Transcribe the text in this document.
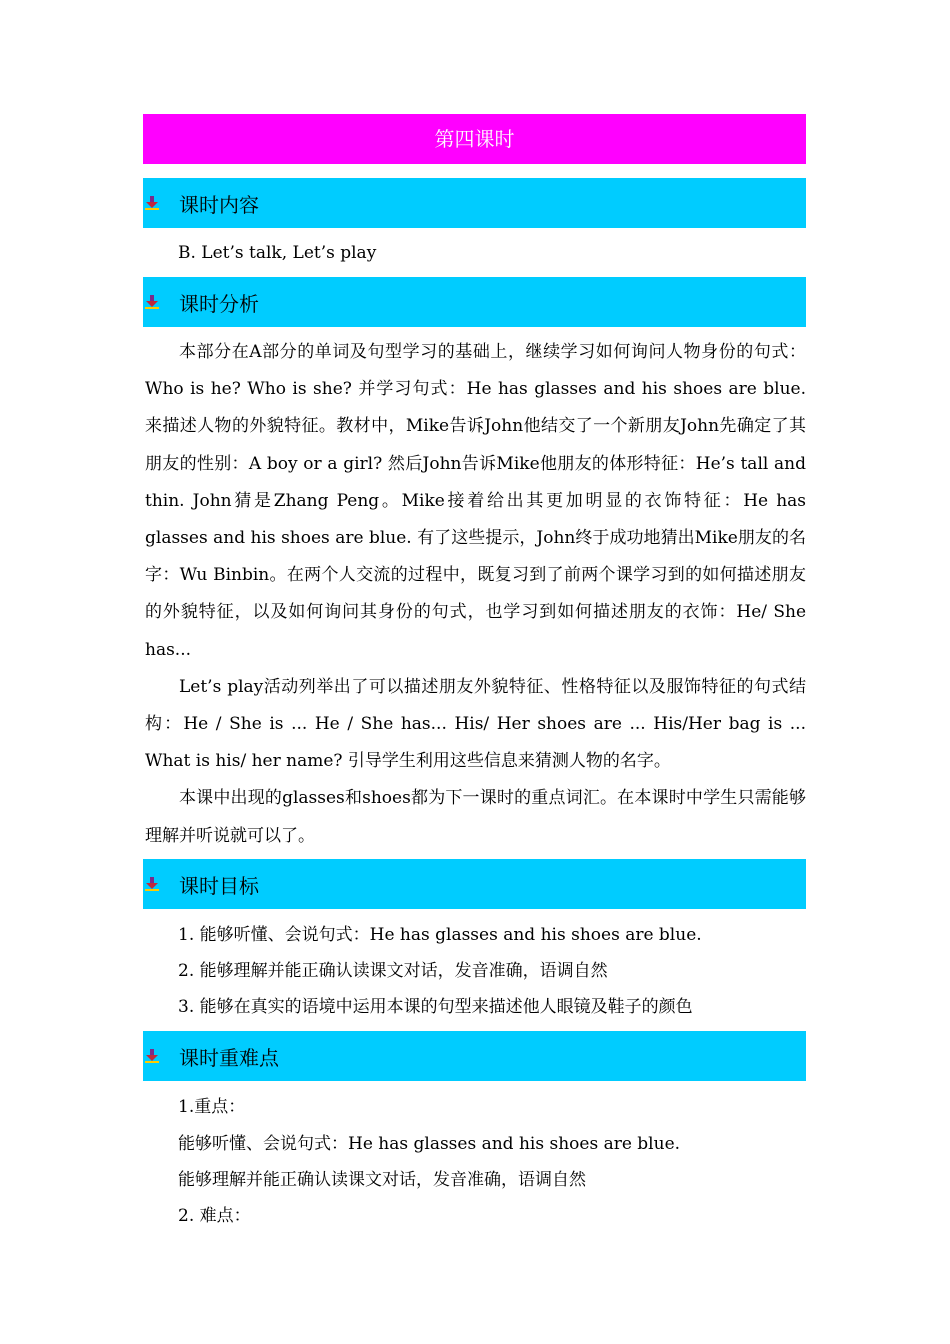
第四课时
课时内容
B. Let’s talk, Let’s play
课时分析
本部分在A部分的单词及句型学习的基础上，继续学习如何询问人物身份的句式：Who is he? Who is she? 并学习句式：He has glasses and his shoes are blue. 来描述人物的外貌特征。教材中，Mike告诉John他结交了一个新朋友John先确定了其朋友的性别：A boy or a girl? 然后John告诉Mike他朋友的体形特征：He’s tall and thin. John猜是Zhang Peng。Mike接着给出其更加明显的衣饰特征：He has glasses and his shoes are blue. 有了这些提示，John终于成功地猜出Mike朋友的名字：Wu Binbin。在两个人交流的过程中，既复习到了前两个课学习到的如何描述朋友的外貌特征，以及如何询问其身份的句式，也学习到如何描述朋友的衣饰：He/ She has...
Let’s play活动列举出了可以描述朋友外貌特征、性格特征以及服饰特征的句式结构：He / She is ... He / She has... His/ Her shoes are ... His/Her bag is ... What is his/ her name? 引导学生利用这些信息来猜测人物的名字。
本课中出现的glasses和shoes都为下一课时的重点词汇。在本课时中学生只需能够理解并听说就可以了。
课时目标
1. 能够听懂、会说句式：He has glasses and his shoes are blue.
2. 能够理解并能正确认读课文对话，发音准确，语调自然
3. 能够在真实的语境中运用本课的句型来描述他人眼镜及鞋子的颜色
课时重难点
1.重点：
能够听懂、会说句式：He has glasses and his shoes are blue.
能够理解并能正确认读课文对话，发音准确，语调自然
2. 难点：
